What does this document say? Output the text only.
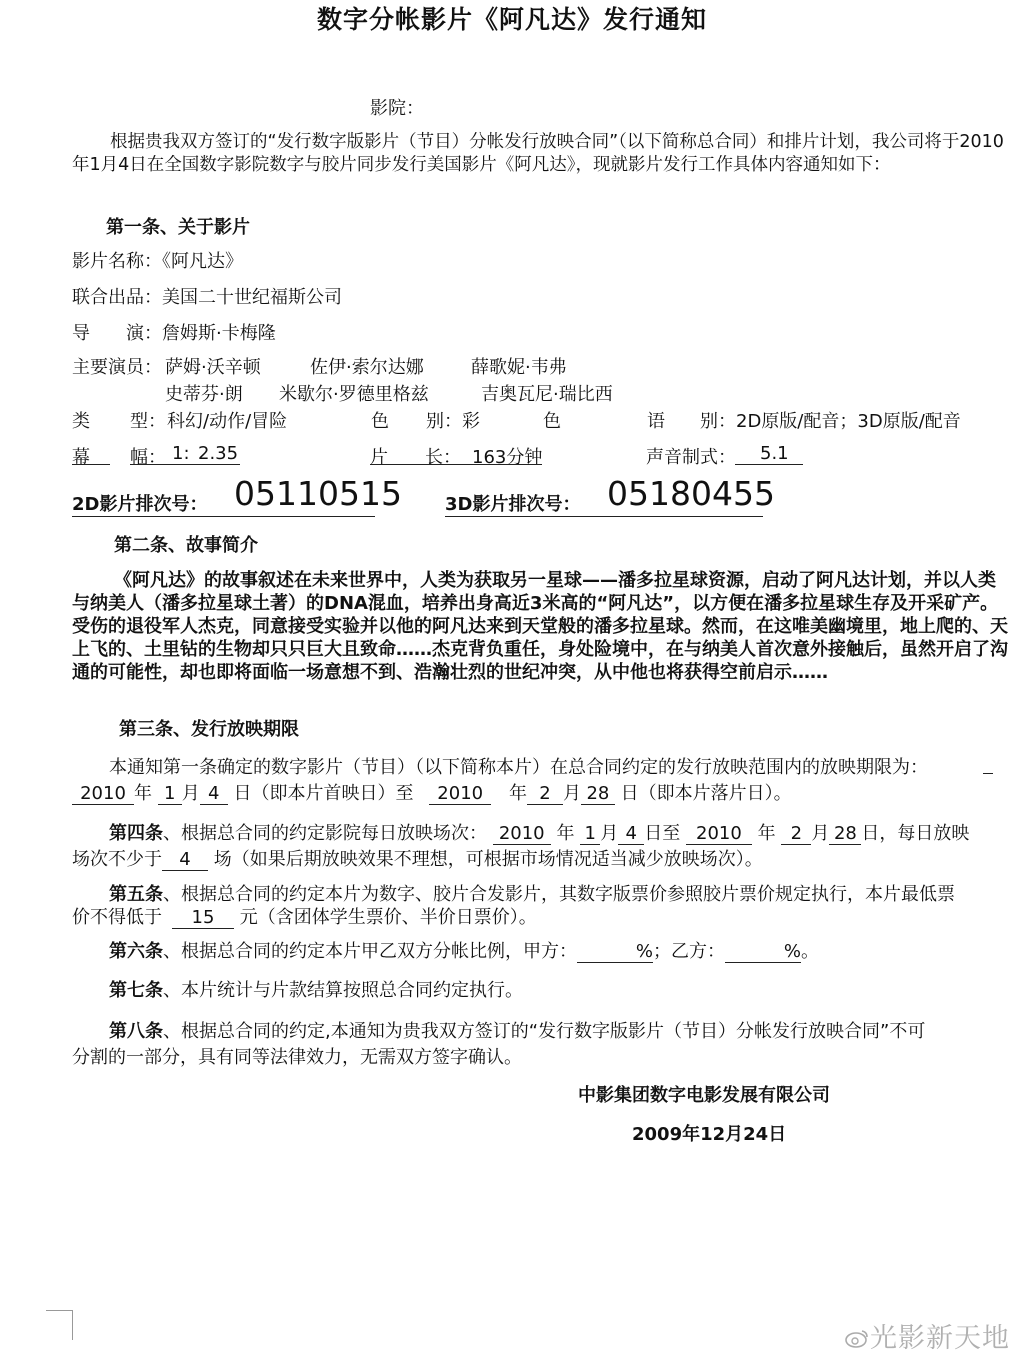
数字分帐影片《阿凡达》发行通知
影院：
根据贵我双方签订的“发行数字版影片（节目）分帐发行放映合同”（以下简称总合同）和排片计划，我公司将于2010年1月4日在全国数字影院数字与胶片同步发行美国影片《阿凡达》，现就影片发行工作具体内容通知如下：
第一条、关于影片
影片名称：《阿凡达》
联合出品：美国二十世纪福斯公司
导 演：詹姆斯·卡梅隆
主要演员： 萨姆·沃辛顿	佐伊·索尔达娜	薛歌妮·韦弗
史蒂芬·朗 米歇尔·罗德里格兹	吉奥瓦尼·瑞比西
类 型： 科幻/动作/冒险	色 别：彩	色	语 别： 2D原版/配音；3D原版/配音
幕 幅： 1: 2.35	片 长： 163分钟	声音制式： 5.1
2D影片排次号： 05110515 3D影片排次号： 05180455
第二条、故事简介
《阿凡达》的故事叙述在未来世界中，人类为获取另一星球——潘多拉星球资源，启动了阿凡达计划，并以人类与纳美人（潘多拉星球土著）的DNA混血，培养出身高近3米高的“阿凡达”，以方便在潘多拉星球生存及开采矿产。受伤的退役军人杰克，同意接受实验并以他的阿凡达来到天堂般的潘多拉星球。然而，在这唯美幽境里，地上爬的、天上飞的、土里钻的生物却只只巨大且致命……杰克背负重任，身处险境中，在与纳美人首次意外接触后，虽然开启了沟通的可能性，却也即将面临一场意想不到、浩瀚壮烈的世纪冲突，从中他也将获得空前启示……
第三条、发行放映期限
本通知第一条确定的数字影片（节目）（以下简称本片）在总合同约定的发行放映范围内的放映期限为：
2010 年 1 月 4 日（即本片首映日）至 2010 年 2 月 28 日（即本片落片日）。
第四条、根据总合同的约定影院每日放映场次： 2010 年 1 月 4 日至 2010 年 2 月 28 日，每日放映
场次不少于 4 场（如果后期放映效果不理想，可根据市场情况适当减少放映场次）。
第五条、根据总合同的约定本片为数字、胶片合发影片，其数字版票价参照胶片票价规定执行，本片最低票
价不得低于 15 元（含团体学生票价、半价日票价）。
第六条、根据总合同的约定本片甲乙双方分帐比例，甲方：	%；乙方：	%。
第七条、本片统计与片款结算按照总合同约定执行。
第八条、根据总合同的约定,本通知为贵我双方签订的“发行数字版影片（节目）分帐发行放映合同”不可
分割的一部分，具有同等法律效力，无需双方签字确认。
中影集团数字电影发展有限公司
2009年12月24日
光影新天地
